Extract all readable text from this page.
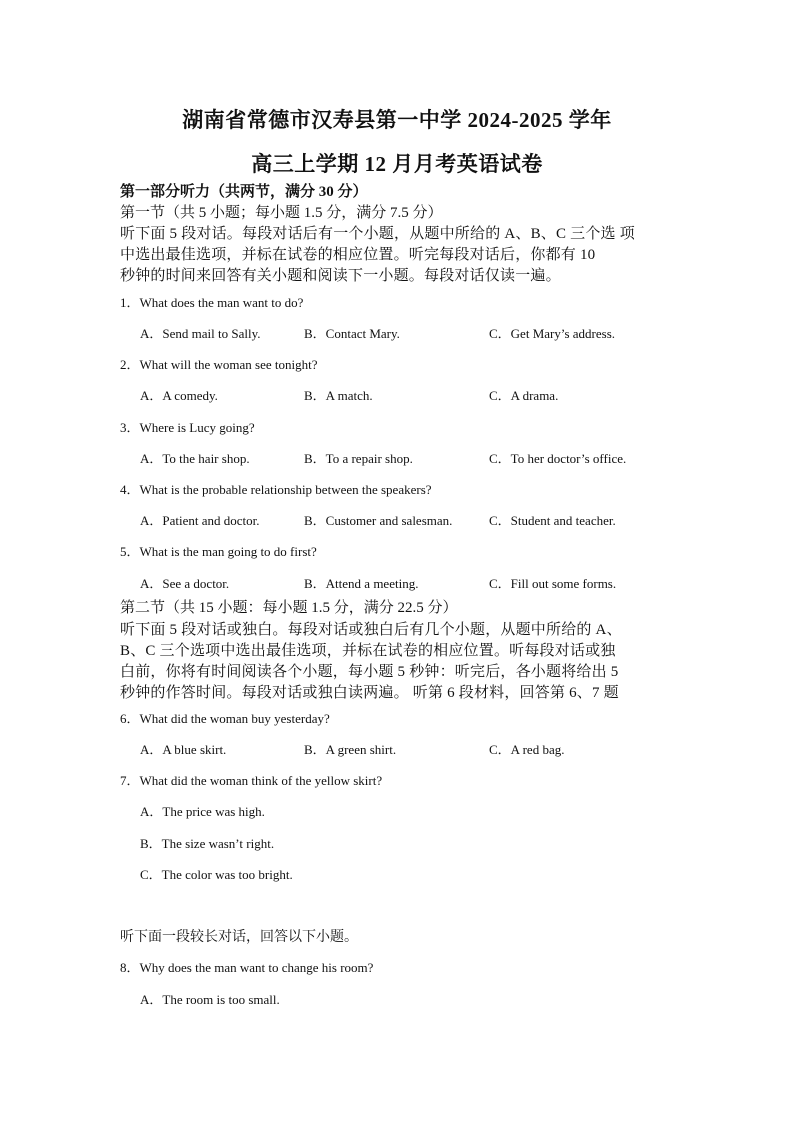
湖南省常德市汉寿县第一中学 2024-2025 学年
高三上学期 12 月月考英语试卷
第一部分听力（共两节，满分 30 分）
第一节（共 5 小题；每小题 1.5 分，满分 7.5 分）
听下面 5 段对话。每段对话后有一个小题，从题中所给的 A、B、C 三个选 项
中选出最佳选项，并标在试卷的相应位置。听完每段对话后，你都有 10
秒钟的时间来回答有关小题和阅读下一小题。每段对话仅读一遍。
1．What does the man want to do?
A．Send mail to Sally.	B．Contact Mary.	C．Get Mary’s address.
2．What will the woman see tonight?
A．A comedy.	B．A match.	C．A drama.
3．Where is Lucy going?
A．To the hair shop.	B．To a repair shop.	C．To her doctor’s office.
4．What is the probable relationship between the speakers?
A．Patient and doctor.	B．Customer and salesman.	C．Student and teacher.
5．What is the man going to do first?
A．See a doctor.	B．Attend a meeting.	C．Fill out some forms.
第二节（共 15 小题：每小题 1.5 分，满分 22.5 分）
听下面 5 段对话或独白。每段对话或独白后有几个小题，从题中所给的 A、
B、C 三个选项中选出最佳选项，并标在试卷的相应位置。听每段对话或独
白前，你将有时间阅读各个小题，每小题 5 秒钟：听完后，各小题将给出 5
秒钟的作答时间。每段对话或独白读两遍。 听第 6 段材料，回答第 6、7 题
6．What did the woman buy yesterday?
A．A blue skirt.	B．A green shirt.	C．A red bag.
7．What did the woman think of the yellow skirt?
A．The price was high.
B．The size wasn’t right.
C．The color was too bright.
听下面一段较长对话，回答以下小题。
8．Why does the man want to change his room?
A．The room is too small.
